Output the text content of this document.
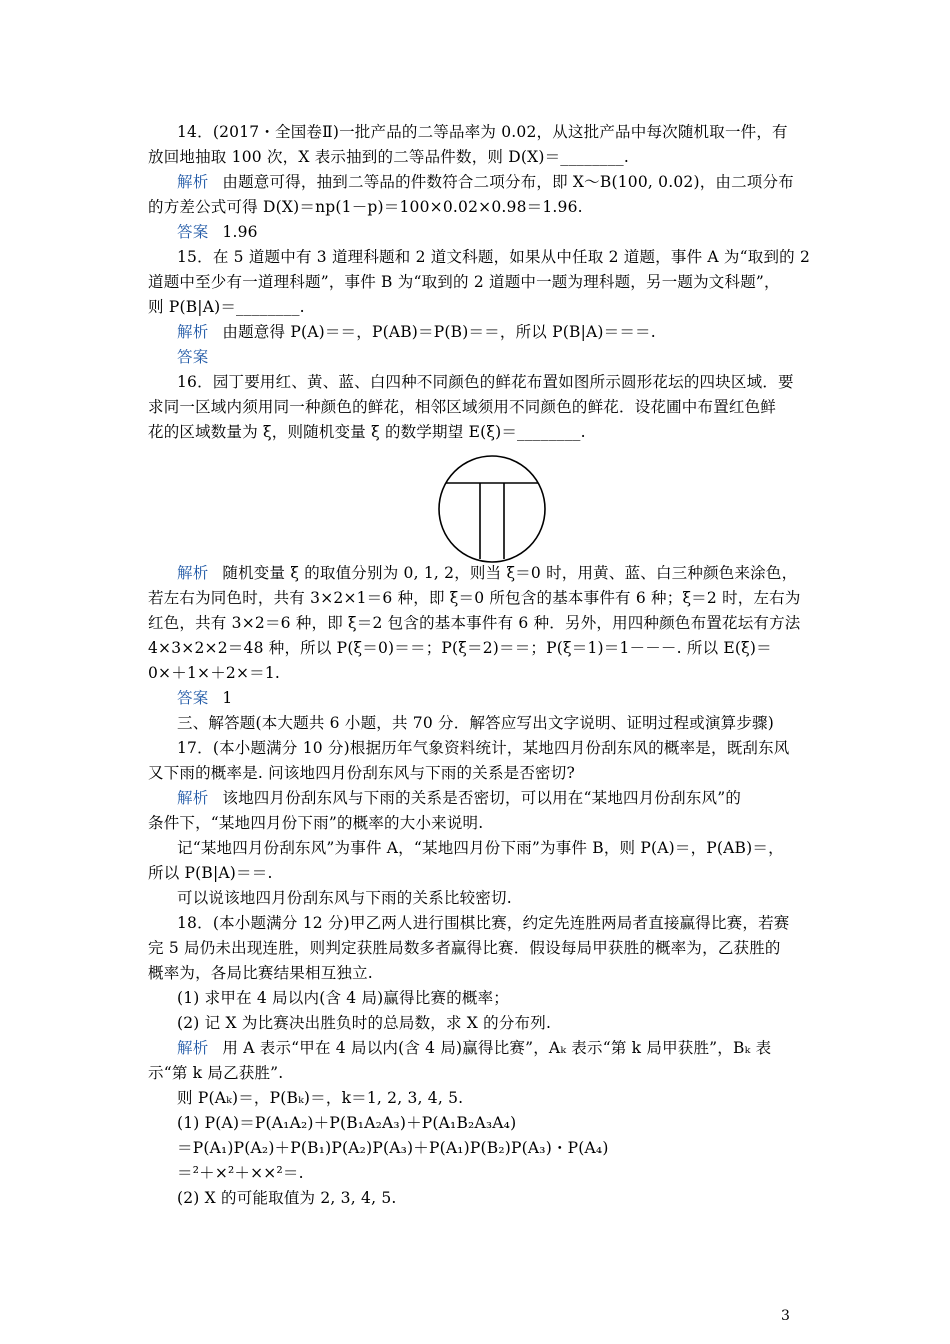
14．(2017・全国卷Ⅱ)一批产品的二等品率为 0.02，从这批产品中每次随机取一件，有
放回地抽取 100 次，X 表示抽到的二等品件数，则 D(X)＝________.
解析 由题意可得，抽到二等品的件数符合二项分布，即 X～B(100, 0.02)，由二项分布
的方差公式可得 D(X)＝np(1－p)＝100×0.02×0.98＝1.96.
答案 1.96
15．在 5 道题中有 3 道理科题和 2 道文科题，如果从中任取 2 道题，事件 A 为“取到的 2
道题中至少有一道理科题”，事件 B 为“取到的 2 道题中一题为理科题，另一题为文科题”，
则 P(B|A)＝________.
解析 由题意得 P(A)＝＝，P(AB)＝P(B)＝＝，所以 P(B|A)＝＝＝.
答案
16．园丁要用红、黄、蓝、白四种不同颜色的鲜花布置如图所示圆形花坛的四块区域．要
求同一区域内须用同一种颜色的鲜花，相邻区域须用不同颜色的鲜花．设花圃中布置红色鲜
花的区域数量为 ξ，则随机变量 ξ 的数学期望 E(ξ)＝________.
解析 随机变量 ξ 的取值分别为 0, 1, 2，则当 ξ＝0 时，用黄、蓝、白三种颜色来涂色，
若左右为同色时，共有 3×2×1＝6 种，即 ξ＝0 所包含的基本事件有 6 种；ξ＝2 时，左右为
红色，共有 3×2＝6 种，即 ξ＝2 包含的基本事件有 6 种．另外，用四种颜色布置花坛有方法
4×3×2×2＝48 种，所以 P(ξ＝0)＝＝；P(ξ＝2)＝＝；P(ξ＝1)＝1－－－. 所以 E(ξ)＝
0×＋1×＋2×＝1.
答案 1
三、解答题(本大题共 6 小题，共 70 分．解答应写出文字说明、证明过程或演算步骤)
17．(本小题满分 10 分)根据历年气象资料统计，某地四月份刮东风的概率是，既刮东风
又下雨的概率是. 问该地四月份刮东风与下雨的关系是否密切?
解析 该地四月份刮东风与下雨的关系是否密切，可以用在“某地四月份刮东风”的
条件下，“某地四月份下雨”的概率的大小来说明.
记“某地四月份刮东风”为事件 A，“某地四月份下雨”为事件 B，则 P(A)＝，P(AB)＝，
所以 P(B|A)＝＝.
可以说该地四月份刮东风与下雨的关系比较密切.
18．(本小题满分 12 分)甲乙两人进行围棋比赛，约定先连胜两局者直接赢得比赛，若赛
完 5 局仍未出现连胜，则判定获胜局数多者赢得比赛．假设每局甲获胜的概率为，乙获胜的
概率为，各局比赛结果相互独立.
(1) 求甲在 4 局以内(含 4 局)赢得比赛的概率；
(2) 记 X 为比赛决出胜负时的总局数，求 X 的分布列.
解析 用 A 表示“甲在 4 局以内(含 4 局)赢得比赛”，Aₖ 表示“第 k 局甲获胜”，Bₖ 表
示“第 k 局乙获胜”.
则 P(Aₖ)＝，P(Bₖ)＝，k＝1, 2, 3, 4, 5.
(1) P(A)＝P(A₁A₂)＋P(B₁A₂A₃)＋P(A₁B₂A₃A₄)
＝P(A₁)P(A₂)＋P(B₁)P(A₂)P(A₃)＋P(A₁)P(B₂)P(A₃)・P(A₄)
＝²＋×²＋××²＝.
(2) X 的可能取值为 2, 3, 4, 5.
3
